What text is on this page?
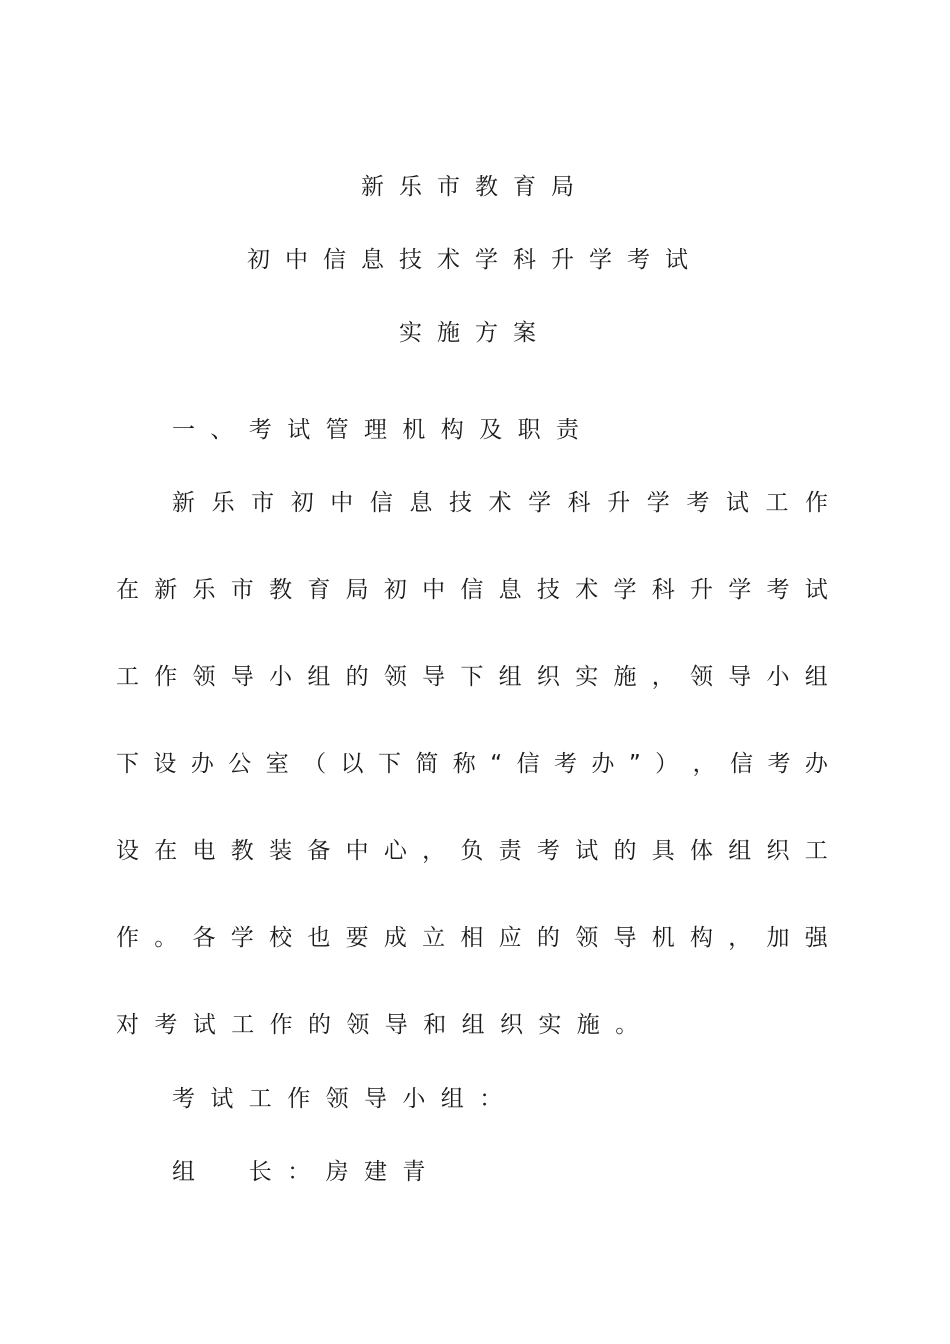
新乐市教育局
初中信息技术学科升学考试
实施方案
一、考试管理机构及职责
新 乐 市 初 中 信 息 技 术 学 科 升 学 考 试 工 作
在 新 乐 市 教 育 局 初 中 信 息 技 术 学 科 升 学 考 试
工 作 领 导 小 组 的 领 导 下 组 织 实 施 ， 领 导 小 组
下 设 办 公 室 （ 以 下 简 称 “ 信 考 办 ” ） ， 信 考 办
设 在 电 教 装 备 中 心 ， 负 责 考 试 的 具 体 组 织 工
作 。 各 学 校 也 要 成 立 相 应 的 领 导 机 构 ， 加 强
对考试工作的领导和组织实施。
考试工作领导小组：
组　长：房建青
